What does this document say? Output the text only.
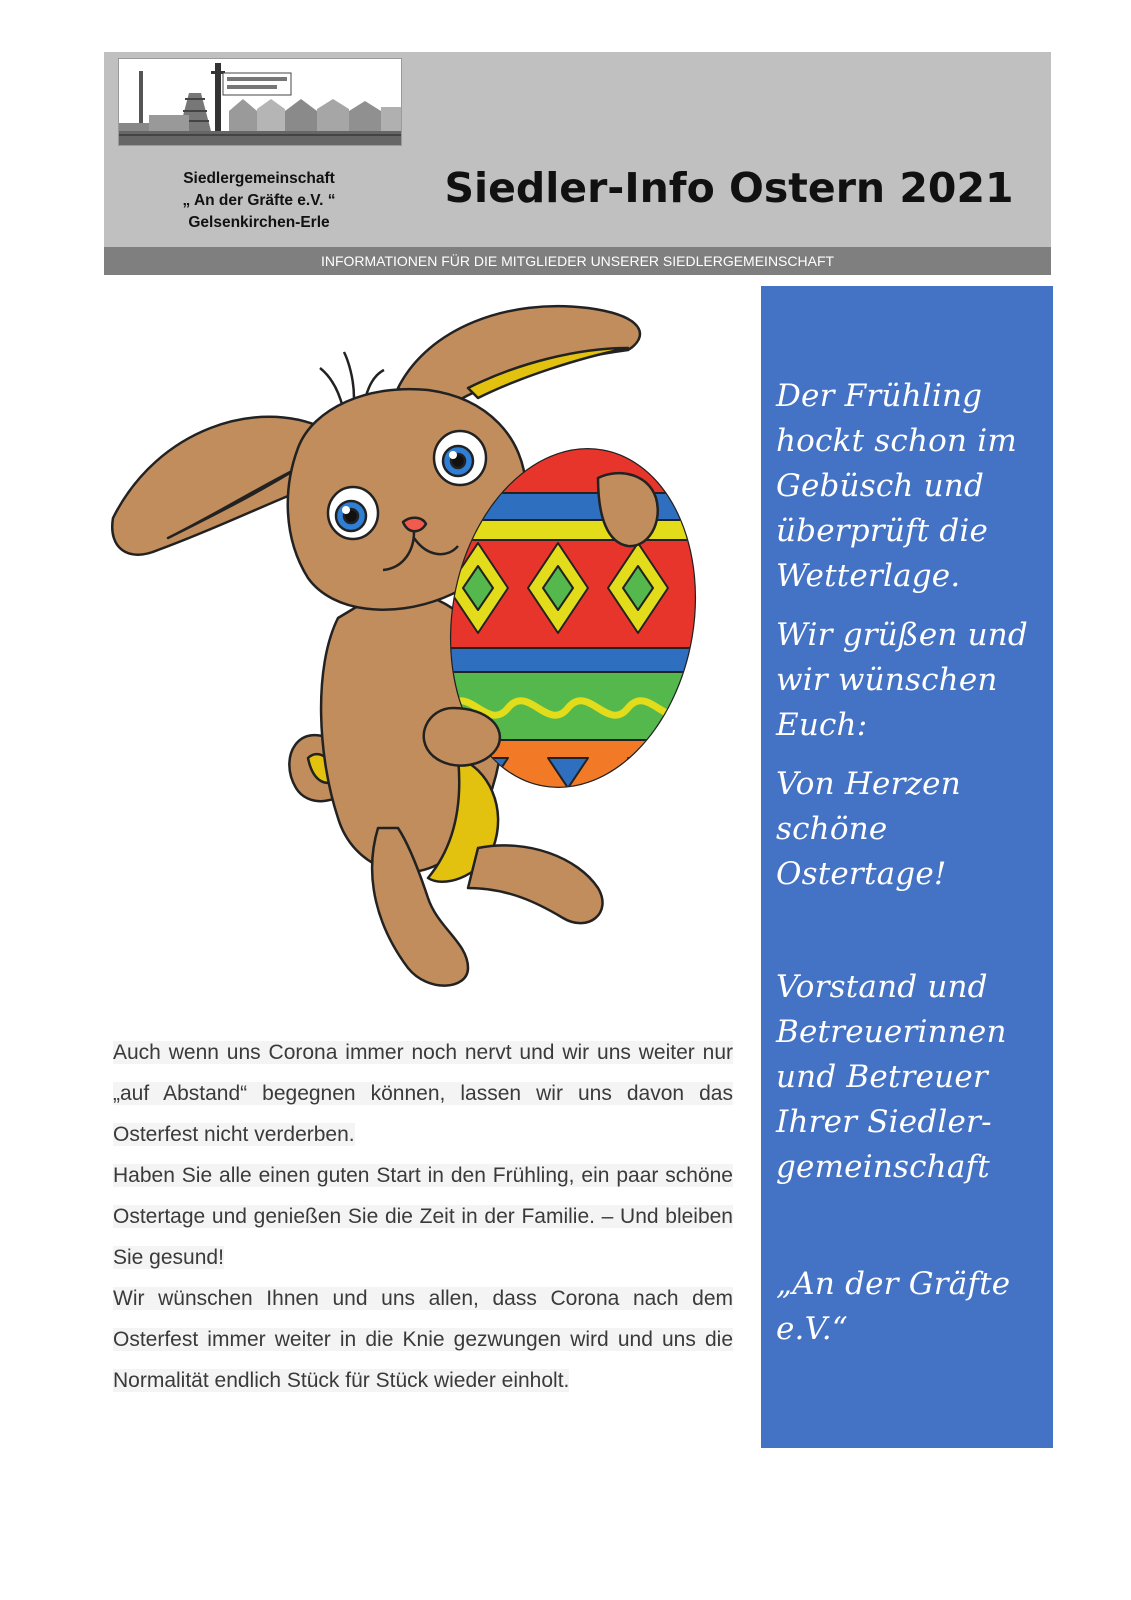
Siedlergemeinschaft
„ An der Gräfte e.V. “
Gelsenkirchen-Erle
Siedler-Info Ostern 2021
INFORMATIONEN FÜR DIE MITGLIEDER UNSERER SIEDLERGEMEINSCHAFT

Auch wenn uns Corona immer noch nervt und wir uns weiter nur „auf Abstand“ begegnen können, lassen wir uns davon das Osterfest nicht verderben.

Haben Sie alle einen guten Start in den Frühling, ein paar schöne Ostertage und genießen Sie die Zeit in der Familie. – Und bleiben Sie gesund!

Wir wünschen Ihnen und uns allen, dass Corona nach dem Osterfest immer weiter in die Knie gezwungen wird und uns die Normalität endlich Stück für Stück wieder einholt.

Der Frühling hockt schon im Gebüsch und überprüft die Wetterlage.

Wir grüßen und wir wünschen Euch:

Von Herzen schöne Ostertage!

Vorstand und Betreuerinnen und Betreuer Ihrer Siedler-gemeinschaft

„An der Gräfte e.V.“
